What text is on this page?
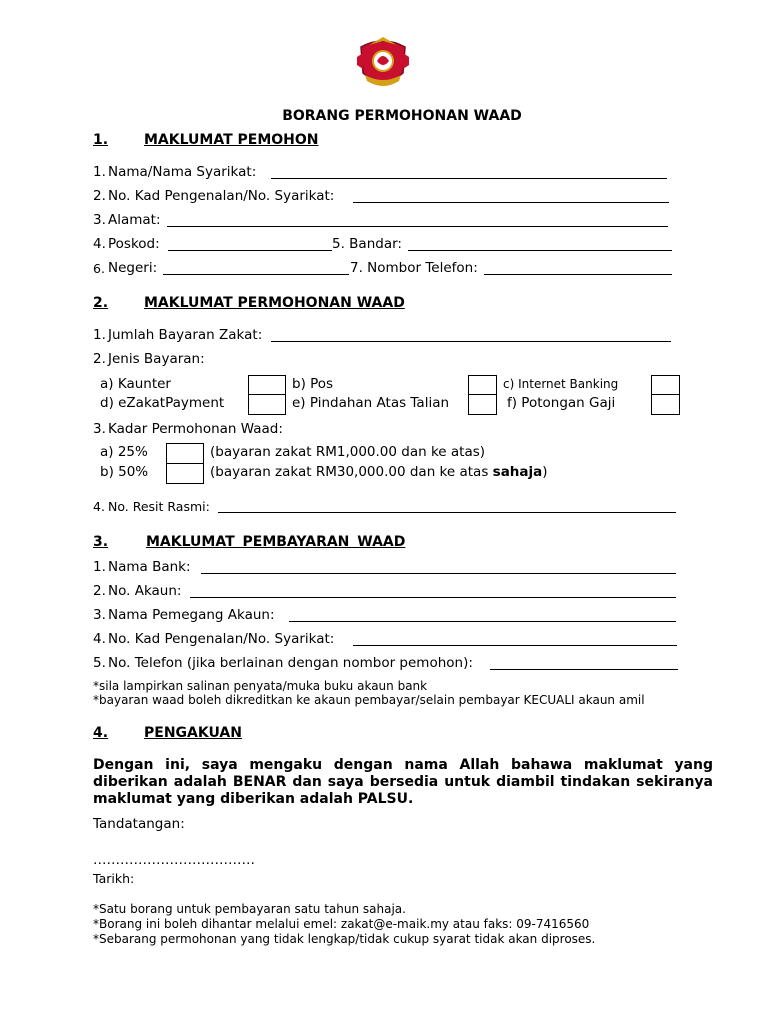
BORANG PERMOHONAN WAAD
1.	MAKLUMAT PEMOHON
1. Nama/Nama Syarikat:
2. No. Kad Pengenalan/No. Syarikat:
3. Alamat:
4. Poskod:	5. Bandar:
6. Negeri:	7. Nombor Telefon:
2.	MAKLUMAT PERMOHONAN WAAD
1. Jumlah Bayaran Zakat:
2. Jenis Bayaran:
a) Kaunter	b) Pos	c) Internet Banking
d) eZakatPayment	e) Pindahan Atas Talian	f) Potongan Gaji
3. Kadar Permohonan Waad:
a) 25%	(bayaran zakat RM1,000.00 dan ke atas)
b) 50%	(bayaran zakat RM30,000.00 dan ke atas sahaja)
4. No. Resit Rasmi:
3.	MAKLUMAT PEMBAYARAN WAAD
1. Nama Bank:
2. No. Akaun:
3. Nama Pemegang Akaun:
4. No. Kad Pengenalan/No. Syarikat:
5. No. Telefon (jika berlainan dengan nombor pemohon):
*sila lampirkan salinan penyata/muka buku akaun bank
*bayaran waad boleh dikreditkan ke akaun pembayar/selain pembayar KECUALI akaun amil
4.	PENGAKUAN
Dengan ini, saya mengaku dengan nama Allah bahawa maklumat yang diberikan adalah BENAR dan saya bersedia untuk diambil tindakan sekiranya maklumat yang diberikan adalah PALSU.
Tandatangan:
………………………………
Tarikh:
*Satu borang untuk pembayaran satu tahun sahaja.
*Borang ini boleh dihantar melalui emel: zakat@e-maik.my atau faks: 09-7416560
*Sebarang permohonan yang tidak lengkap/tidak cukup syarat tidak akan diproses.
